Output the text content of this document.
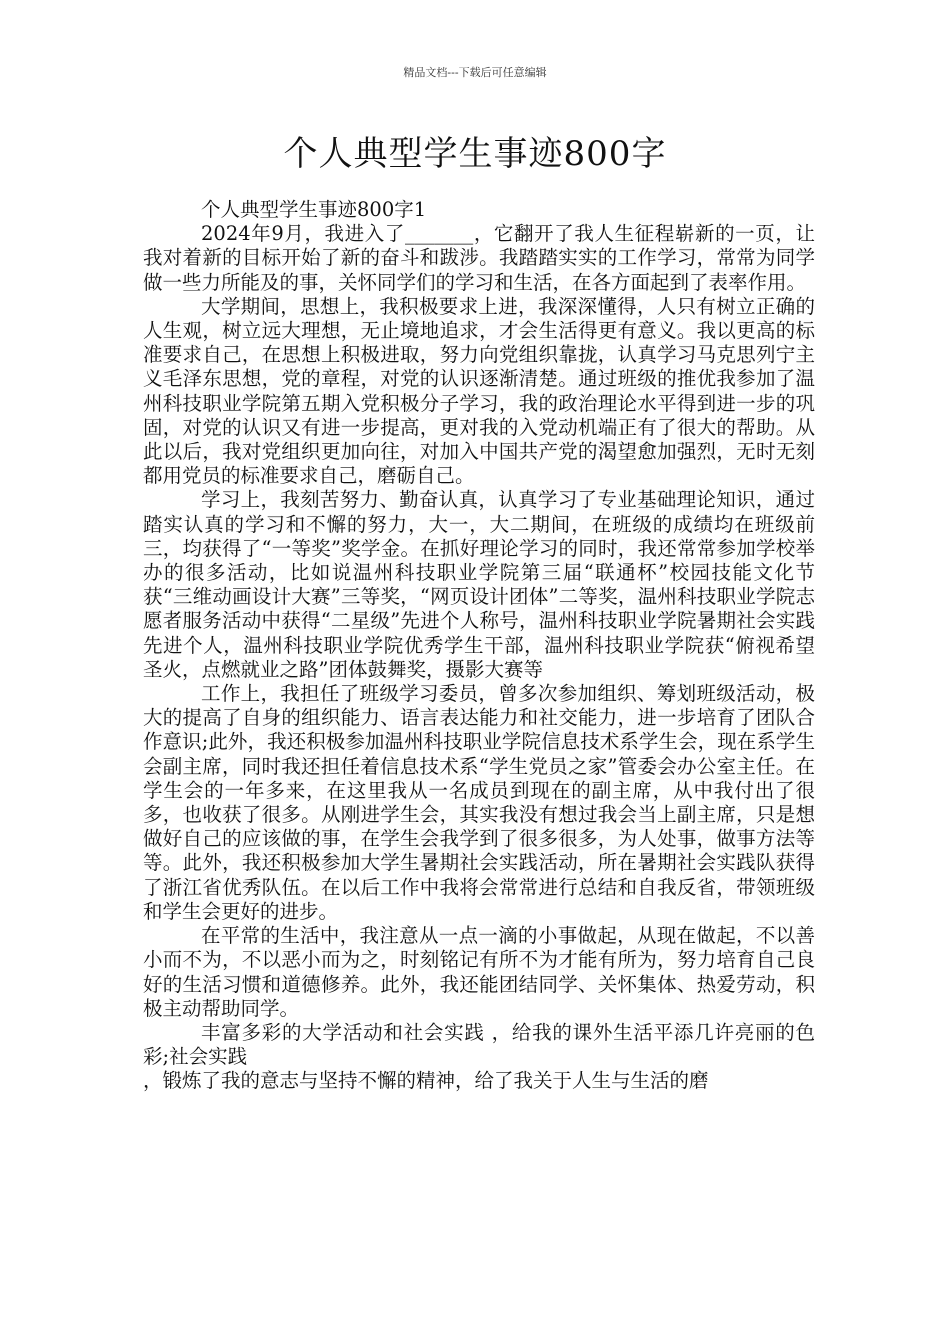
精品文档---下载后可任意编辑
个人典型学生事迹800字

个人典型学生事迹800字1

2024年9月，我进入了_______，它翻开了我人生征程崭新的一页，让我对着新的目标开始了新的奋斗和跋涉。我踏踏实实的工作学习，常常为同学做一些力所能及的事，关怀同学们的学习和生活，在各方面起到了表率作用。

大学期间，思想上，我积极要求上进，我深深懂得，人只有树立正确的人生观，树立远大理想，无止境地追求，才会生活得更有意义。我以更高的标准要求自己，在思想上积极进取，努力向党组织靠拢，认真学习马克思列宁主义毛泽东思想，党的章程，对党的认识逐渐清楚。通过班级的推优我参加了温州科技职业学院第五期入党积极分子学习，我的政治理论水平得到进一步的巩固，对党的认识又有进一步提高，更对我的入党动机端正有了很大的帮助。从此以后，我对党组织更加向往，对加入中国共产党的渴望愈加强烈，无时无刻都用党员的标准要求自己，磨砺自己。

学习上，我刻苦努力、勤奋认真，认真学习了专业基础理论知识，通过踏实认真的学习和不懈的努力，大一，大二期间，在班级的成绩均在班级前三，均获得了“一等奖”奖学金。在抓好理论学习的同时，我还常常参加学校举办的很多活动，比如说温州科技职业学院第三届“联通杯”校园技能文化节获“三维动画设计大赛”三等奖，“网页设计团体”二等奖，温州科技职业学院志愿者服务活动中获得“二星级”先进个人称号，温州科技职业学院暑期社会实践先进个人，温州科技职业学院优秀学生干部，温州科技职业学院获“俯视希望圣火，点燃就业之路”团体鼓舞奖，摄影大赛等

工作上，我担任了班级学习委员，曾多次参加组织、筹划班级活动，极大的提高了自身的组织能力、语言表达能力和社交能力，进一步培育了团队合作意识;此外，我还积极参加温州科技职业学院信息技术系学生会，现在系学生会副主席，同时我还担任着信息技术系“学生党员之家”管委会办公室主任。在学生会的一年多来，在这里我从一名成员到现在的副主席，从中我付出了很多，也收获了很多。从刚进学生会，其实我没有想过我会当上副主席，只是想做好自己的应该做的事，在学生会我学到了很多很多，为人处事，做事方法等等。此外，我还积极参加大学生暑期社会实践活动，所在暑期社会实践队获得了浙江省优秀队伍。在以后工作中我将会常常进行总结和自我反省，带领班级和学生会更好的进步。

在平常的生活中，我注意从一点一滴的小事做起，从现在做起，不以善小而不为，不以恶小而为之，时刻铭记有所不为才能有所为，努力培育自己良好的生活习惯和道德修养。此外，我还能团结同学、关怀集体、热爱劳动，积极主动帮助同学。

丰富多彩的大学活动和社会实践 ，给我的课外生活平添几许亮丽的色彩;社会实践

，锻炼了我的意志与坚持不懈的精神，给了我关于人生与生活的磨
